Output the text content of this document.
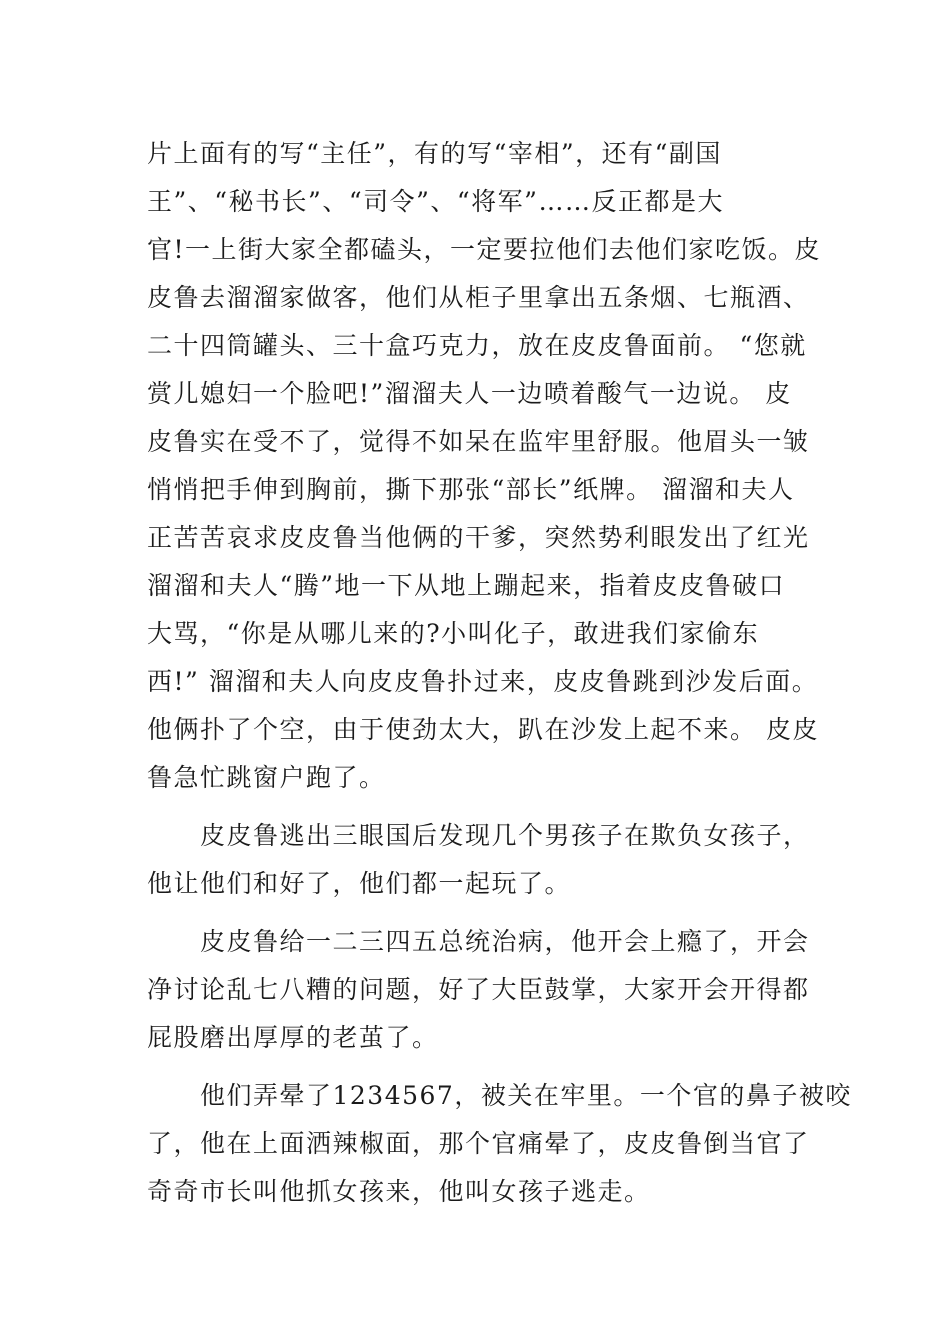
片上面有的写“主任”，有的写“宰相”，还有“副国
王”、“秘书长”、“司令”、“将军”……反正都是大
官!一上街大家全都磕头，一定要拉他们去他们家吃饭。皮
皮鲁去溜溜家做客，他们从柜子里拿出五条烟、七瓶酒、
二十四筒罐头、三十盒巧克力，放在皮皮鲁面前。 “您就
赏儿媳妇一个脸吧!”溜溜夫人一边喷着酸气一边说。 皮
皮鲁实在受不了，觉得不如呆在监牢里舒服。他眉头一皱
悄悄把手伸到胸前，撕下那张“部长”纸牌。 溜溜和夫人
正苦苦哀求皮皮鲁当他俩的干爹，突然势利眼发出了红光
溜溜和夫人“腾”地一下从地上蹦起来，指着皮皮鲁破口
大骂，“你是从哪儿来的?小叫化子，敢进我们家偷东
西!” 溜溜和夫人向皮皮鲁扑过来，皮皮鲁跳到沙发后面。
他俩扑了个空，由于使劲太大，趴在沙发上起不来。 皮皮
鲁急忙跳窗户跑了。
　　皮皮鲁逃出三眼国后发现几个男孩子在欺负女孩子，
他让他们和好了，他们都一起玩了。
　　皮皮鲁给一二三四五总统治病，他开会上瘾了，开会
净讨论乱七八糟的问题，好了大臣鼓掌，大家开会开得都
屁股磨出厚厚的老茧了。
　　他们弄晕了1234567，被关在牢里。一个官的鼻子被咬
了，他在上面洒辣椒面，那个官痛晕了，皮皮鲁倒当官了
奇奇市长叫他抓女孩来，他叫女孩子逃走。
